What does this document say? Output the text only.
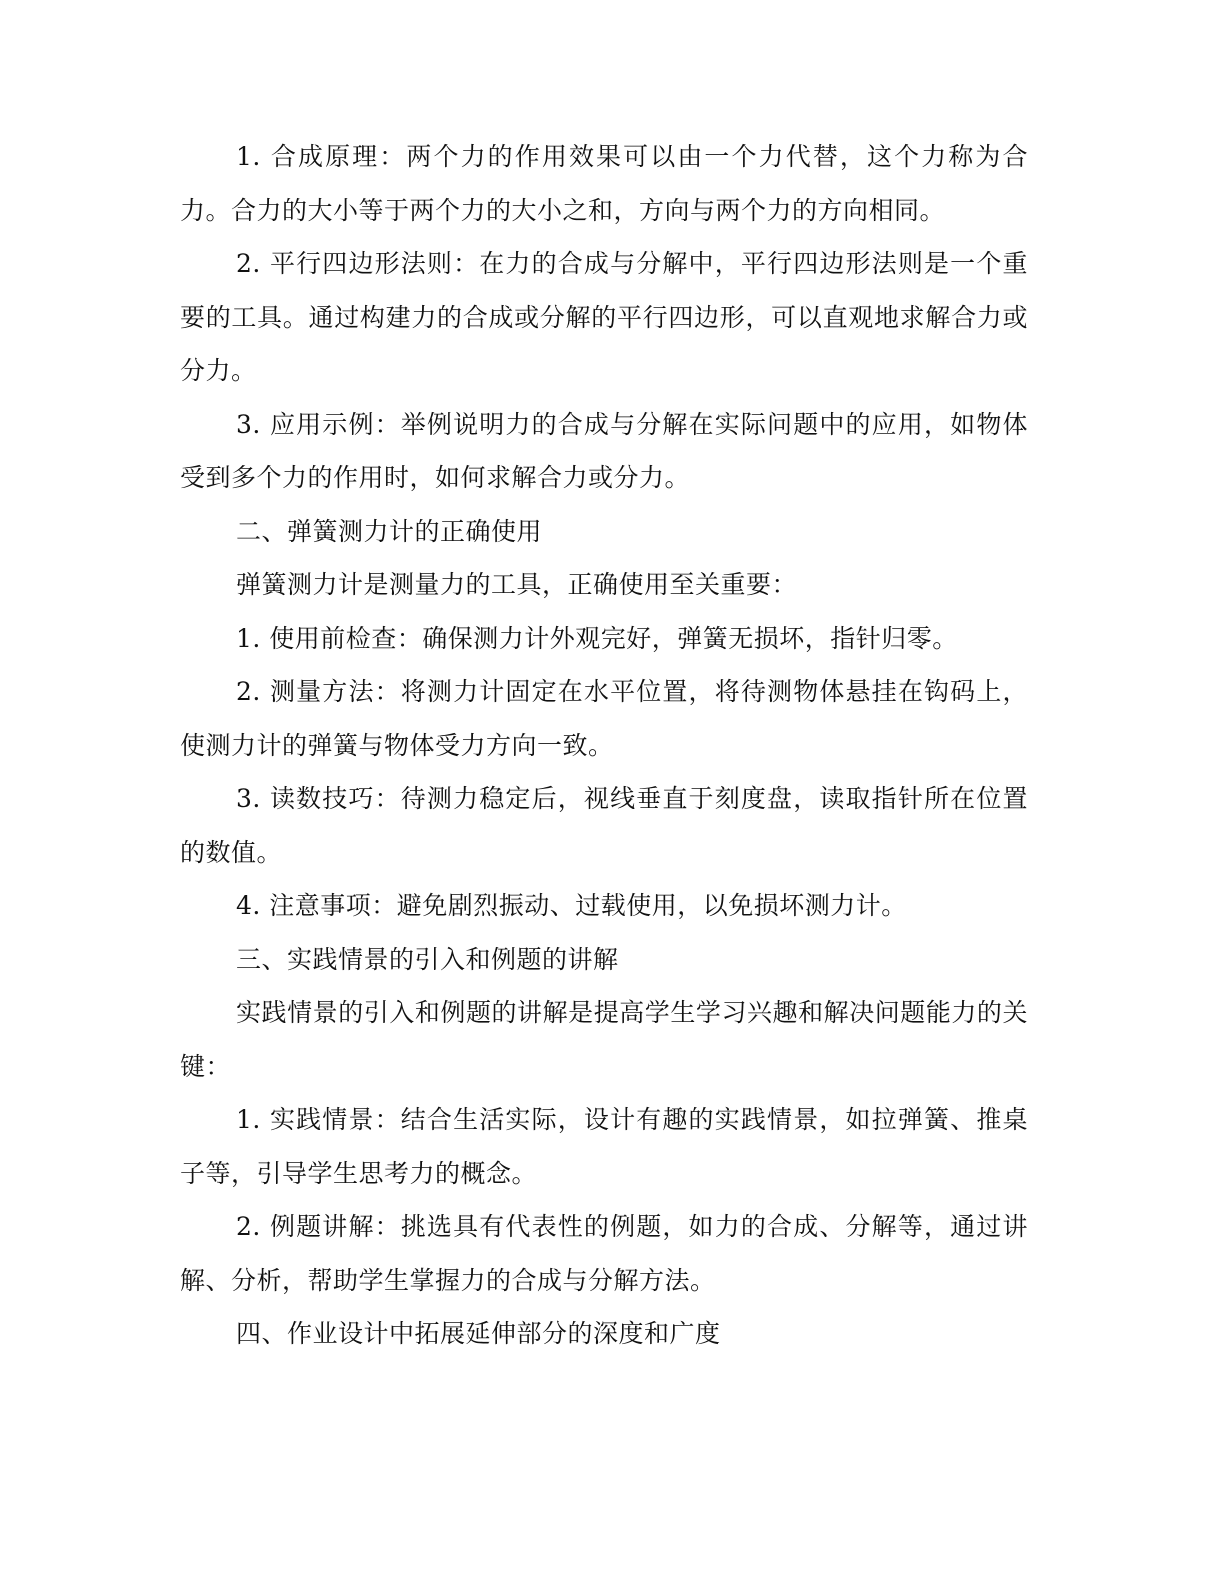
1. 合成原理：两个力的作用效果可以由一个力代替，这个力称为合力。合力的大小等于两个力的大小之和，方向与两个力的方向相同。

2. 平行四边形法则：在力的合成与分解中，平行四边形法则是一个重要的工具。通过构建力的合成或分解的平行四边形，可以直观地求解合力或分力。

3. 应用示例：举例说明力的合成与分解在实际问题中的应用，如物体受到多个力的作用时，如何求解合力或分力。

二、弹簧测力计的正确使用

弹簧测力计是测量力的工具，正确使用至关重要：

1. 使用前检查：确保测力计外观完好，弹簧无损坏，指针归零。

2. 测量方法：将测力计固定在水平位置，将待测物体悬挂在钩码上，使测力计的弹簧与物体受力方向一致。

3. 读数技巧：待测力稳定后，视线垂直于刻度盘，读取指针所在位置的数值。

4. 注意事项：避免剧烈振动、过载使用，以免损坏测力计。

三、实践情景的引入和例题的讲解

实践情景的引入和例题的讲解是提高学生学习兴趣和解决问题能力的关键：

1. 实践情景：结合生活实际，设计有趣的实践情景，如拉弹簧、推桌子等，引导学生思考力的概念。

2. 例题讲解：挑选具有代表性的例题，如力的合成、分解等，通过讲解、分析，帮助学生掌握力的合成与分解方法。

四、作业设计中拓展延伸部分的深度和广度
